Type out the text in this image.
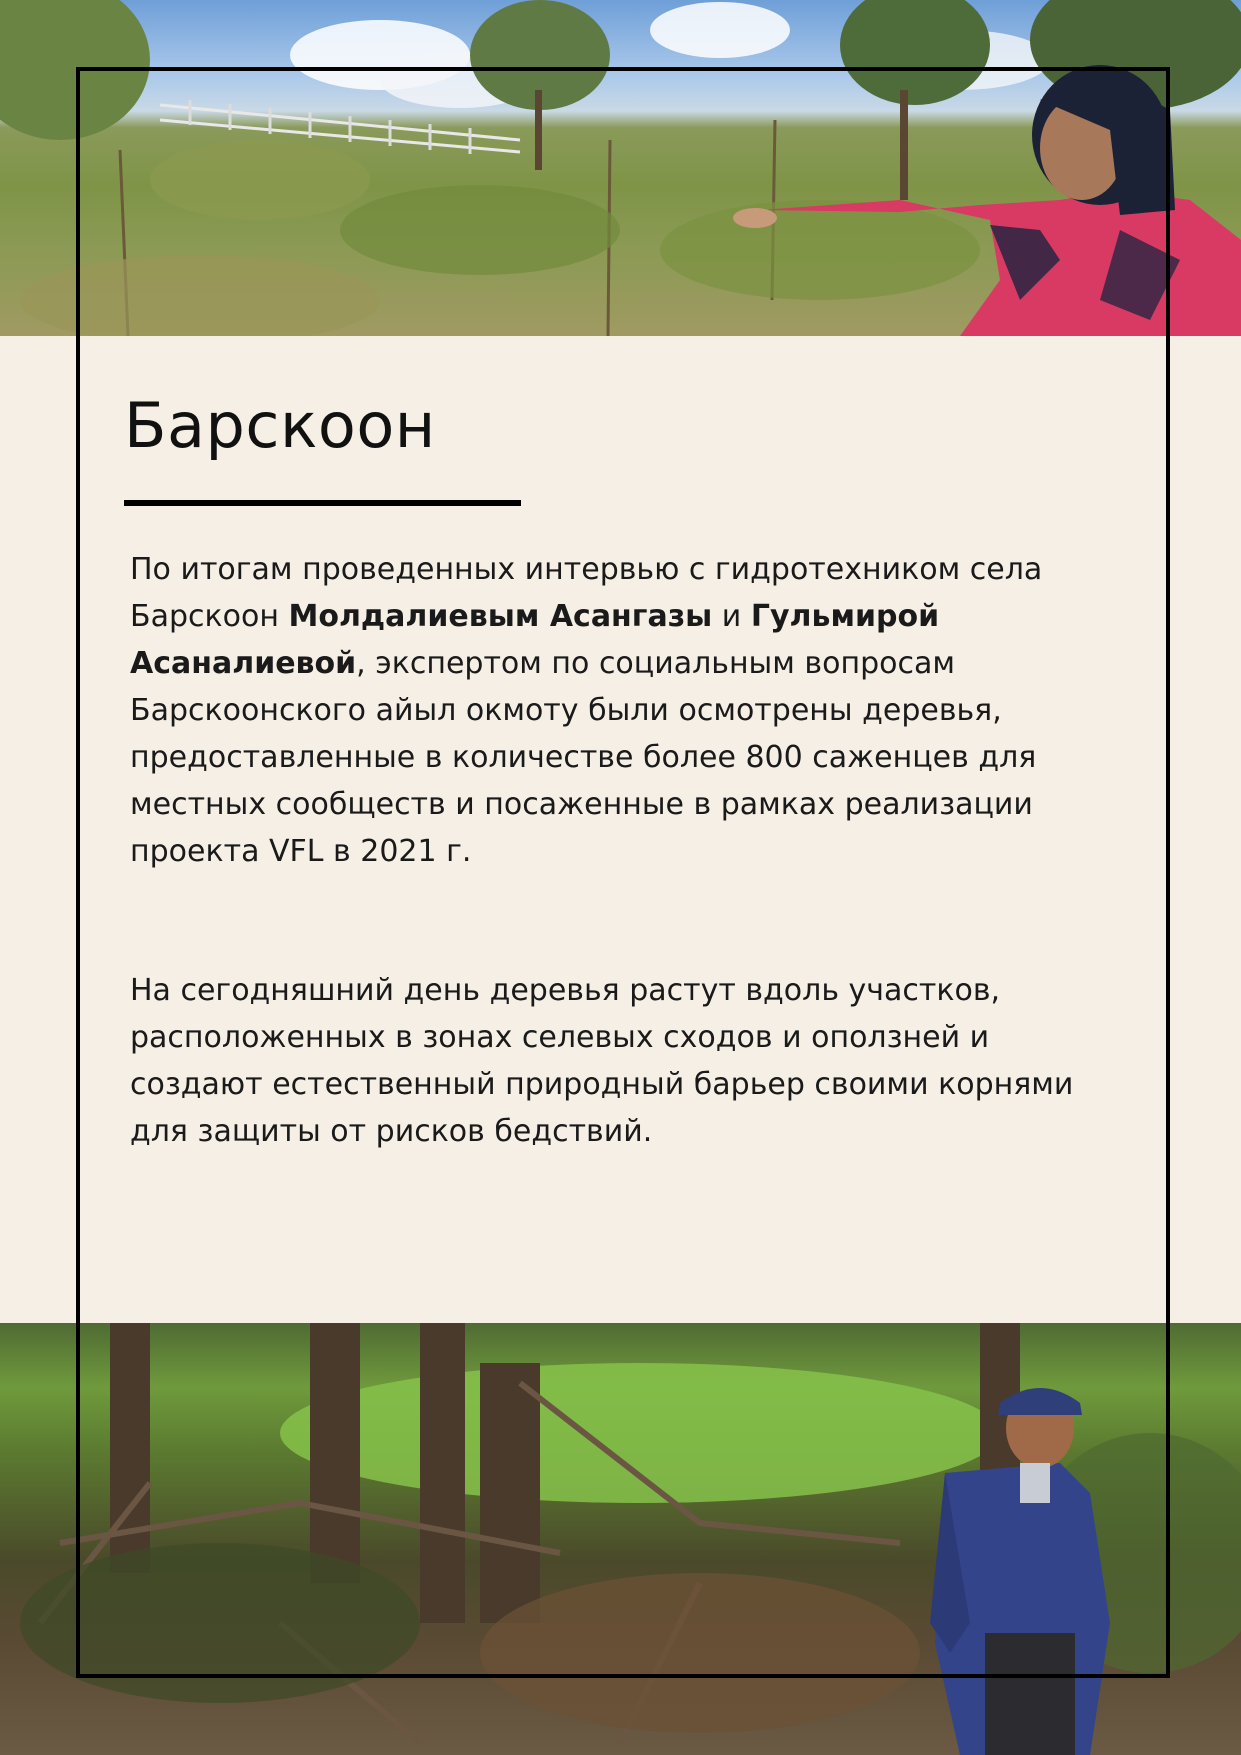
Барскоон

По итогам проведенных интервью с гидротехником села Барскоон Молдалиевым Асангазы и Гульмирой Асаналиевой, экспертом по социальным вопросам Барскоонского айыл окмоту были осмотрены деревья, предоставленные в количестве более 800 саженцев для местных сообществ и посаженные в рамках реализации проекта VFL в 2021 г.

На сегодняшний день деревья растут вдоль участков, расположенных в зонах селевых сходов и оползней и создают естественный природный барьер своими корнями для защиты от рисков бедствий.
